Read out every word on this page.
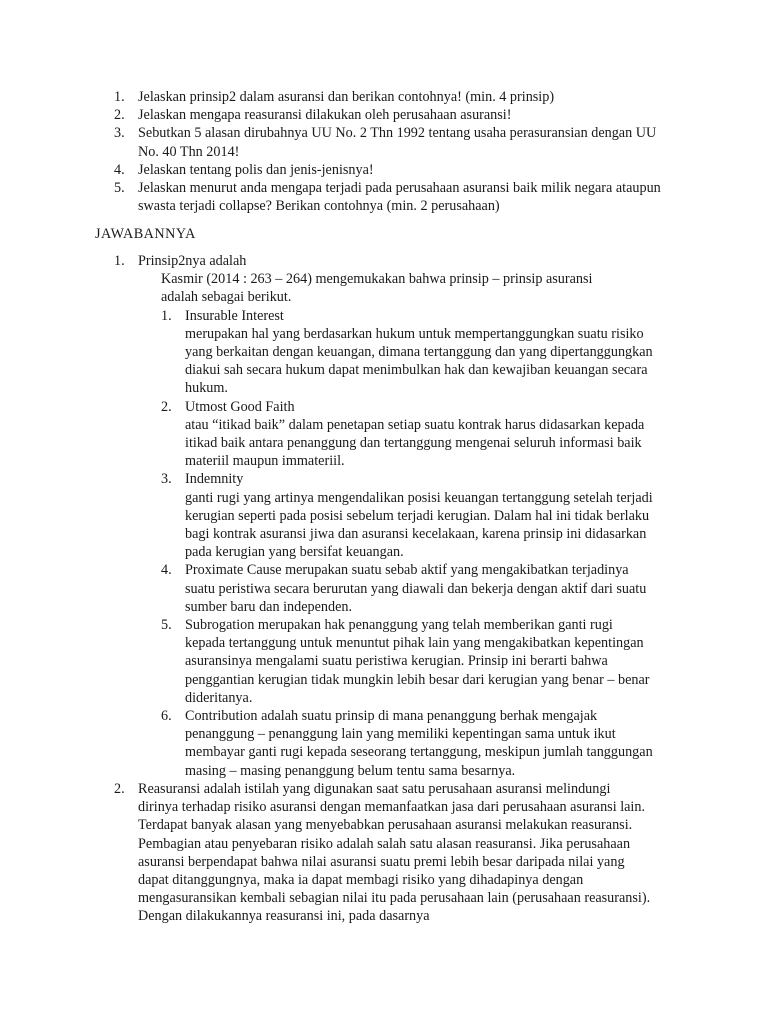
1. Jelaskan prinsip2 dalam asuransi dan berikan contohnya! (min. 4 prinsip)
2. Jelaskan mengapa reasuransi dilakukan oleh perusahaan asuransi!
3. Sebutkan 5 alasan dirubahnya UU No. 2 Thn 1992 tentang usaha perasuransian dengan UU No. 40 Thn 2014!
4. Jelaskan tentang polis dan jenis-jenisnya!
5. Jelaskan menurut anda mengapa terjadi pada perusahaan asuransi baik milik negara ataupun swasta terjadi collapse? Berikan contohnya (min. 2 perusahaan)
JAWABANNYA
1. Prinsip2nya adalah
Kasmir (2014 : 263 – 264) mengemukakan bahwa prinsip – prinsip asuransi adalah sebagai berikut.
1. Insurable Interest
merupakan hal yang berdasarkan hukum untuk mempertanggungkan suatu risiko yang berkaitan dengan keuangan, dimana tertanggung dan yang dipertanggungkan diakui sah secara hukum dapat menimbulkan hak dan kewajiban keuangan secara hukum.
2. Utmost Good Faith
atau “itikad baik” dalam penetapan setiap suatu kontrak harus didasarkan kepada itikad baik antara penanggung dan tertanggung mengenai seluruh informasi baik materiil maupun immateriil.
3. Indemnity
ganti rugi yang artinya mengendalikan posisi keuangan tertanggung setelah terjadi kerugian seperti pada posisi sebelum terjadi kerugian. Dalam hal ini tidak berlaku bagi kontrak asuransi jiwa dan asuransi kecelakaan, karena prinsip ini didasarkan pada kerugian yang bersifat keuangan.
4. Proximate Cause merupakan suatu sebab aktif yang mengakibatkan terjadinya suatu peristiwa secara berurutan yang diawali dan bekerja dengan aktif dari suatu sumber baru dan independen.
5. Subrogation merupakan hak penanggung yang telah memberikan ganti rugi kepada tertanggung untuk menuntut pihak lain yang mengakibatkan kepentingan asuransinya mengalami suatu peristiwa kerugian. Prinsip ini berarti bahwa penggantian kerugian tidak mungkin lebih besar dari kerugian yang benar – benar dideritanya.
6. Contribution adalah suatu prinsip di mana penanggung berhak mengajak penanggung – penanggung lain yang memiliki kepentingan sama untuk ikut membayar ganti rugi kepada seseorang tertanggung, meskipun jumlah tanggungan masing – masing penanggung belum tentu sama besarnya.
2. Reasuransi adalah istilah yang digunakan saat satu perusahaan asuransi melindungi dirinya terhadap risiko asuransi dengan memanfaatkan jasa dari perusahaan asuransi lain. Terdapat banyak alasan yang menyebabkan perusahaan asuransi melakukan reasuransi. Pembagian atau penyebaran risiko adalah salah satu alasan reasuransi. Jika perusahaan asuransi berpendapat bahwa nilai asuransi suatu premi lebih besar daripada nilai yang dapat ditanggungnya, maka ia dapat membagi risiko yang dihadapinya dengan mengasuransikan kembali sebagian nilai itu pada perusahaan lain (perusahaan reasuransi). Dengan dilakukannya reasuransi ini, pada dasarnya
